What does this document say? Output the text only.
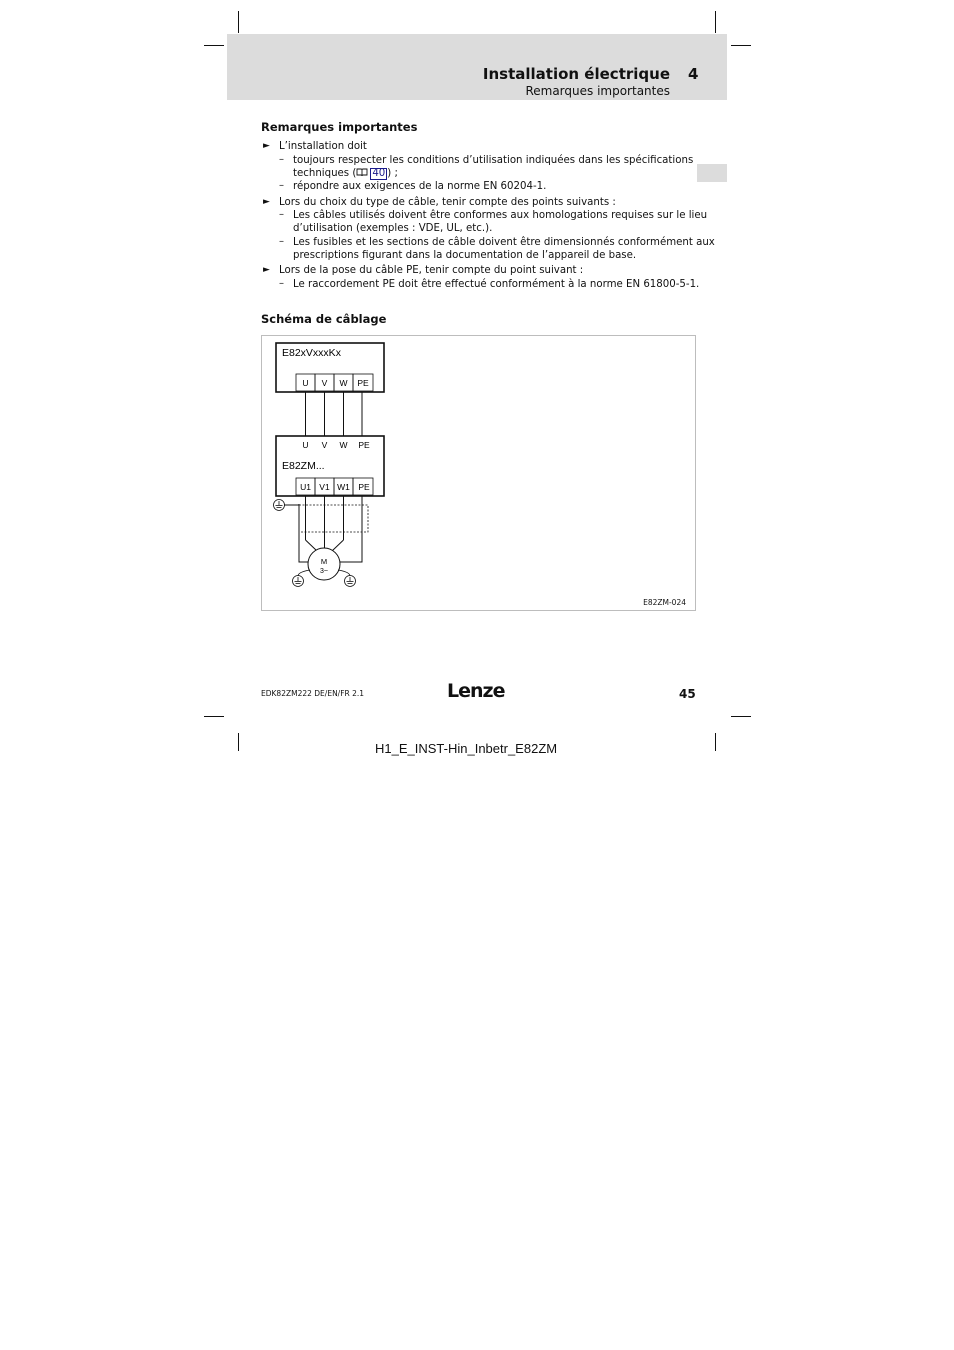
Installation électrique 4
Remarques importantes
Remarques importantes
► L’installation doit
– toujours respecter les conditions d’utilisation indiquées dans les spécifications
techniques ( 40 ) ;
– répondre aux exigences de la norme EN 60204-1.
► Lors du choix du type de câble, tenir compte des points suivants :
– Les câbles utilisés doivent être conformes aux homologations requises sur le lieu
d’utilisation (exemples : VDE, UL, etc.).
– Les fusibles et les sections de câble doivent être dimensionnés conformément aux
prescriptions figurant dans la documentation de l’appareil de base.
► Lors de la pose du câble PE, tenir compte du point suivant :
– Le raccordement PE doit être effectué conformément à la norme EN 61800-5-1.
Schéma de câblage
E82xVxxxKx
U V W PE
U V W PE
E82ZM...
U1 V1 W1 PE
M
3~
E82ZM-024
EDK82ZM222 DE/EN/FR 2.1	Lenze	45
H1_E_INST-Hin_Inbetr_E82ZM
